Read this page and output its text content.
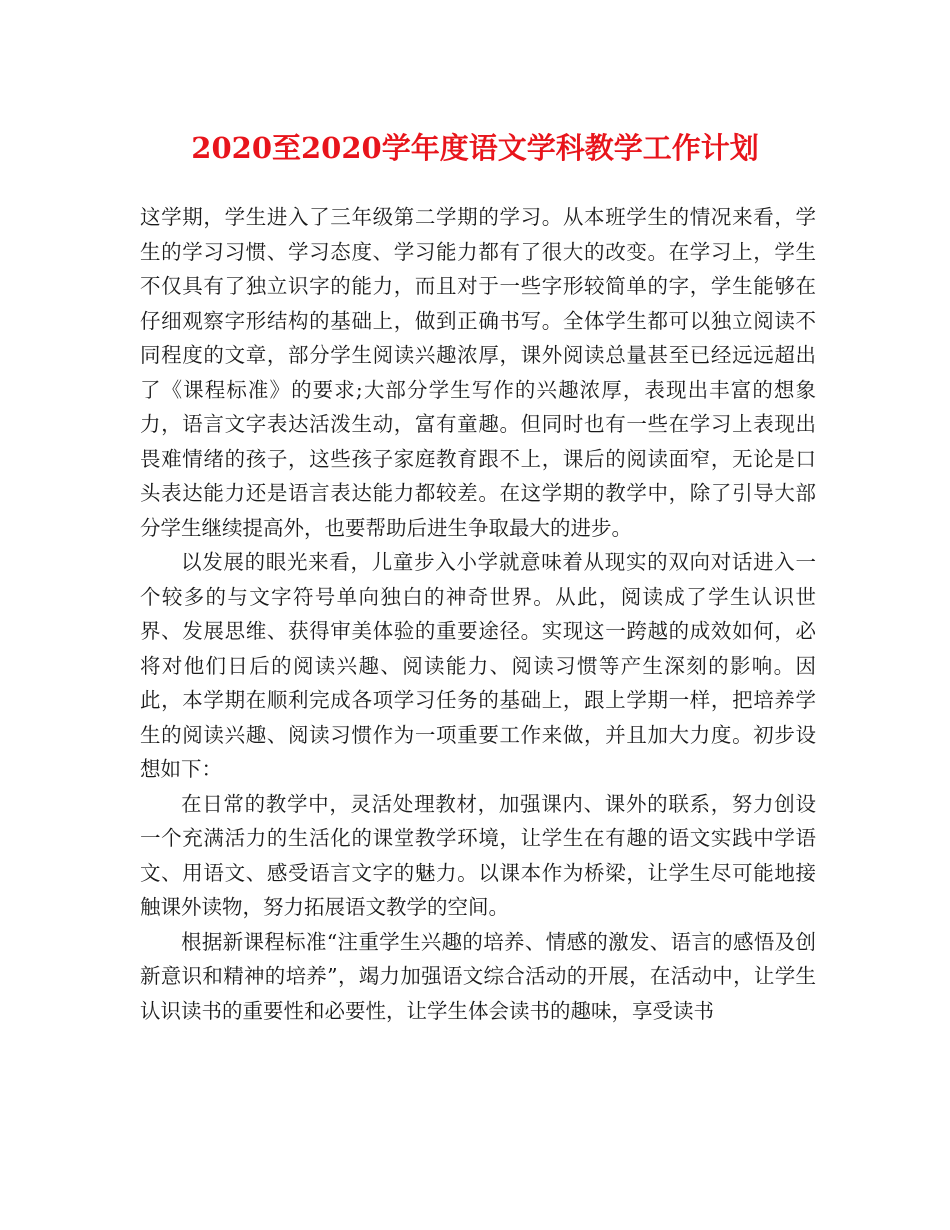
2020至2020学年度语文学科教学工作计划

这学期，学生进入了三年级第二学期的学习。从本班学生的情况来看，学生的学习习惯、学习态度、学习能力都有了很大的改变。在学习上，学生不仅具有了独立识字的能力，而且对于一些字形较简单的字，学生能够在仔细观察字形结构的基础上，做到正确书写。全体学生都可以独立阅读不同程度的文章，部分学生阅读兴趣浓厚，课外阅读总量甚至已经远远超出了《课程标准》的要求;大部分学生写作的兴趣浓厚，表现出丰富的想象力，语言文字表达活泼生动，富有童趣。但同时也有一些在学习上表现出畏难情绪的孩子，这些孩子家庭教育跟不上，课后的阅读面窄，无论是口头表达能力还是语言表达能力都较差。在这学期的教学中，除了引导大部分学生继续提高外，也要帮助后进生争取最大的进步。

以发展的眼光来看，儿童步入小学就意味着从现实的双向对话进入一个较多的与文字符号单向独白的神奇世界。从此，阅读成了学生认识世界、发展思维、获得审美体验的重要途径。实现这一跨越的成效如何，必将对他们日后的阅读兴趣、阅读能力、阅读习惯等产生深刻的影响。因此，本学期在顺利完成各项学习任务的基础上，跟上学期一样，把培养学生的阅读兴趣、阅读习惯作为一项重要工作来做，并且加大力度。初步设想如下：

在日常的教学中，灵活处理教材，加强课内、课外的联系，努力创设一个充满活力的生活化的课堂教学环境，让学生在有趣的语文实践中学语文、用语文、感受语言文字的魅力。以课本作为桥梁，让学生尽可能地接触课外读物，努力拓展语文教学的空间。

根据新课程标准“注重学生兴趣的培养、情感的激发、语言的感悟及创新意识和精神的培养”，竭力加强语文综合活动的开展，在活动中，让学生认识读书的重要性和必要性，让学生体会读书的趣味，享受读书
